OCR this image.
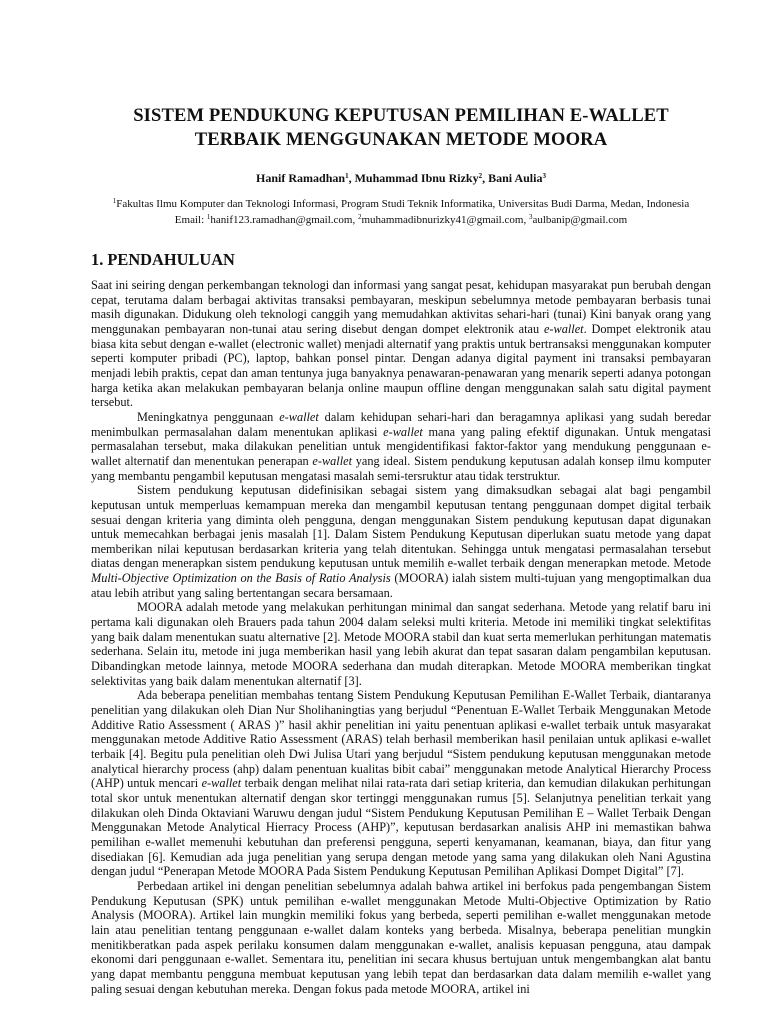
SISTEM PENDUKUNG KEPUTUSAN PEMILIHAN E-WALLET
TERBAIK MENGGUNAKAN METODE MOORA
Hanif Ramadhan$^1$, Muhammad Ibnu Rizky$^2$, Bani Aulia$^3$
$^1$Fakultas Ilmu Komputer dan Teknologi Informasi, Program Studi Teknik Informatika, Universitas Budi Darma, Medan, Indonesia
Email: $^1$hanif123.ramadhan@gmail.com, $^2$muhammadibnurizky41@gmail.com, $^3$aulbanip@gmail.com
1. PENDAHULUAN

Saat ini seiring dengan perkembangan teknologi dan informasi yang sangat pesat, kehidupan masyarakat pun berubah dengan cepat, terutama dalam berbagai aktivitas transaksi pembayaran, meskipun sebelumnya metode pembayaran berbasis tunai masih digunakan. Didukung oleh teknologi canggih yang memudahkan aktivitas sehari-hari (tunai) Kini banyak orang yang menggunakan pembayaran non-tunai atau sering disebut dengan dompet elektronik atau e-wallet. Dompet elektronik atau biasa kita sebut dengan e-wallet (electronic wallet) menjadi alternatif yang praktis untuk bertransaksi menggunakan komputer seperti komputer pribadi (PC), laptop, bahkan ponsel pintar. Dengan adanya digital payment ini transaksi pembayaran menjadi lebih praktis, cepat dan aman tentunya juga banyaknya penawaran-penawaran yang menarik seperti adanya potongan harga ketika akan melakukan pembayaran belanja online maupun offline dengan menggunakan salah satu digital payment tersebut.

Meningkatnya penggunaan e-wallet dalam kehidupan sehari-hari dan beragamnya aplikasi yang sudah beredar menimbulkan permasalahan dalam menentukan aplikasi e-wallet mana yang paling efektif digunakan. Untuk mengatasi permasalahan tersebut, maka dilakukan penelitian untuk mengidentifikasi faktor-faktor yang mendukung penggunaan e-wallet alternatif dan menentukan penerapan e-wallet yang ideal. Sistem pendukung keputusan adalah konsep ilmu komputer yang membantu pengambil keputusan mengatasi masalah semi-tersruktur atau tidak terstruktur.

Sistem pendukung keputusan didefinisikan sebagai sistem yang dimaksudkan sebagai alat bagi pengambil keputusan untuk memperluas kemampuan mereka dan mengambil keputusan tentang penggunaan dompet digital terbaik sesuai dengan kriteria yang diminta oleh pengguna, dengan menggunakan Sistem pendukung keputusan dapat digunakan untuk memecahkan berbagai jenis masalah [1]. Dalam Sistem Pendukung Keputusan diperlukan suatu metode yang dapat memberikan nilai keputusan berdasarkan kriteria yang telah ditentukan. Sehingga untuk mengatasi permasalahan tersebut diatas dengan menerapkan sistem pendukung keputusan untuk memilih e-wallet terbaik dengan menerapkan metode. Metode Multi-Objective Optimization on the Basis of Ratio Analysis (MOORA) ialah sistem multi-tujuan yang mengoptimalkan dua atau lebih atribut yang saling bertentangan secara bersamaan.

MOORA adalah metode yang melakukan perhitungan minimal dan sangat sederhana. Metode yang relatif baru ini pertama kali digunakan oleh Brauers pada tahun 2004 dalam seleksi multi kriteria. Metode ini memiliki tingkat selektifitas yang baik dalam menentukan suatu alternative [2]. Metode MOORA stabil dan kuat serta memerlukan perhitungan matematis sederhana. Selain itu, metode ini juga memberikan hasil yang lebih akurat dan tepat sasaran dalam pengambilan keputusan. Dibandingkan metode lainnya, metode MOORA sederhana dan mudah diterapkan. Metode MOORA memberikan tingkat selektivitas yang baik dalam menentukan alternatif [3].

Ada beberapa penelitian membahas tentang Sistem Pendukung Keputusan Pemilihan E-Wallet Terbaik, diantaranya penelitian yang dilakukan oleh Dian Nur Sholihaningtias yang berjudul “Penentuan E-Wallet Terbaik Menggunakan Metode Additive Ratio Assessment ( ARAS )” hasil akhir penelitian ini yaitu penentuan aplikasi e-wallet terbaik untuk masyarakat menggunakan metode Additive Ratio Assessment (ARAS) telah berhasil memberikan hasil penilaian untuk aplikasi e-wallet terbaik [4]. Begitu pula penelitian oleh Dwi Julisa Utari yang berjudul “Sistem pendukung keputusan menggunakan metode analytical hierarchy process (ahp) dalam penentuan kualitas bibit cabai” menggunakan metode Analytical Hierarchy Process (AHP) untuk mencari e-wallet terbaik dengan melihat nilai rata-rata dari setiap kriteria, dan kemudian dilakukan perhitungan total skor untuk menentukan alternatif dengan skor tertinggi menggunakan rumus [5]. Selanjutnya penelitian terkait yang dilakukan oleh Dinda Oktaviani Waruwu dengan judul “Sistem Pendukung Keputusan Pemilihan E – Wallet Terbaik Dengan Menggunakan Metode Analytical Hierracy Process (AHP)”, keputusan berdasarkan analisis AHP ini memastikan bahwa pemilihan e-wallet memenuhi kebutuhan dan preferensi pengguna, seperti kenyamanan, keamanan, biaya, dan fitur yang disediakan [6]. Kemudian ada juga penelitian yang serupa dengan metode yang sama yang dilakukan oleh Nani Agustina dengan judul “Penerapan Metode MOORA Pada Sistem Pendukung Keputusan Pemilihan Aplikasi Dompet Digital” [7].

Perbedaan artikel ini dengan penelitian sebelumnya adalah bahwa artikel ini berfokus pada pengembangan Sistem Pendukung Keputusan (SPK) untuk pemilihan e-wallet menggunakan Metode Multi-Objective Optimization by Ratio Analysis (MOORA). Artikel lain mungkin memiliki fokus yang berbeda, seperti pemilihan e-wallet menggunakan metode lain atau penelitian tentang penggunaan e-wallet dalam konteks yang berbeda. Misalnya, beberapa penelitian mungkin menitikberatkan pada aspek perilaku konsumen dalam menggunakan e-wallet, analisis kepuasan pengguna, atau dampak ekonomi dari penggunaan e-wallet. Sementara itu, penelitian ini secara khusus bertujuan untuk mengembangkan alat bantu yang dapat membantu pengguna membuat keputusan yang lebih tepat dan berdasarkan data dalam memilih e-wallet yang paling sesuai dengan kebutuhan mereka. Dengan fokus pada metode MOORA, artikel ini
